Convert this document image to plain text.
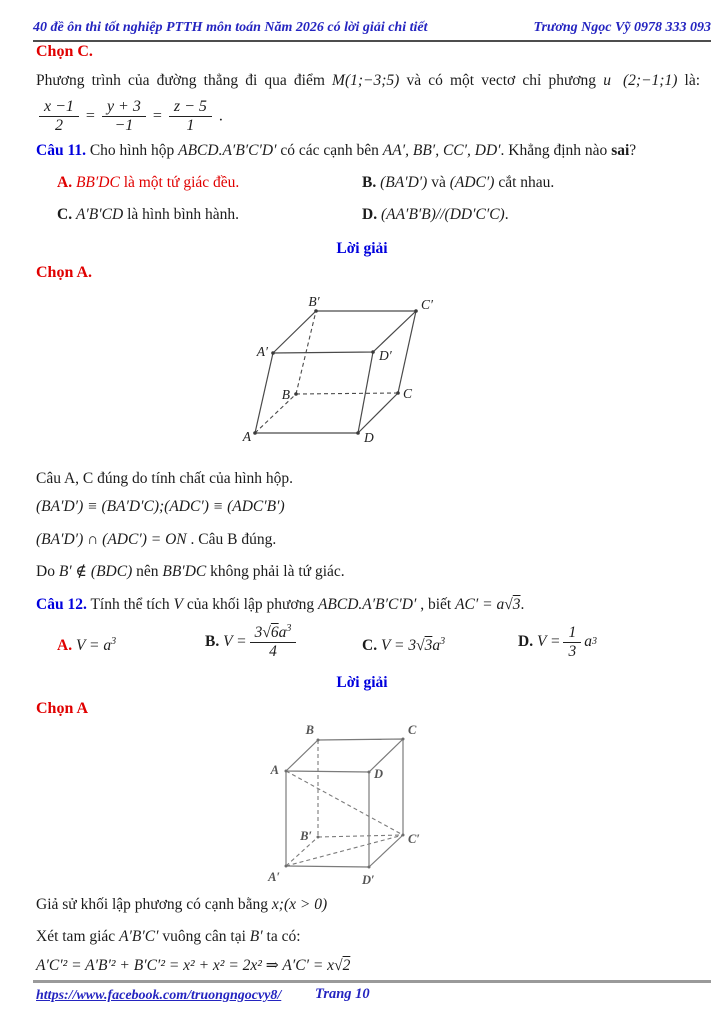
40 đề ôn thi tốt nghiệp PTTH môn toán Năm 2026 có lời giải chi tiết	Trương Ngọc Vỹ 0978 333 093
Chọn C.
Phương trình của đường thẳng đi qua điểm M(1;−3;5) và có một vectơ chỉ phương u⃗(2;−1;1) là:
$\frac{x -1}{2} = \frac{y + 3}{-1} = \frac{z - 5}{1}$ .
Câu 11. Cho hình hộp ABCD.A′B′C′D′ có các cạnh bên AA′, BB′, CC′, DD′. Khẳng định nào sai?
A. BB′DC là một tứ giác đều.	B. (BA′D′) và (ADC′) cắt nhau.
C. A′B′CD là hình bình hành.	D. (AA′B′B)//(DD′C′C).
Lời giải
Chọn A.
A	D
C
B
A′	D′
C′
B′
Câu A, C đúng do tính chất của hình hộp.
(BA′D′) ≡ (BA′D′C);(ADC′) ≡ (ADC′B′)
(BA′D′) ∩ (ADC′) = ON . Câu B đúng.
Do B′ ∉ (BDC) nên BB′DC không phải là tứ giác.
Câu 12. Tính thể tích V của khối lập phương ABCD.A′B′C′D′ , biết AC′ = a√3.
A. $V = a^3$	B.
$V = \frac{3√6a^3}{4}$	C. $V = 3√3a^3$	D.
$V = \frac{1}{3}$ a 3
Lời giải
Chọn A
B	C
A	D
B′	C′
A′	D′
Giả sử khối lập phương có cạnh bằng x;(x > 0)
Xét tam giác A′B′C′ vuông cân tại B′ ta có:
A′C′² = A′B′² + B′C′² = x² + x² = 2x² ⇒ A′C′ = x√2
https://www.facebook.com/truongngocvy8/ Trang 10
